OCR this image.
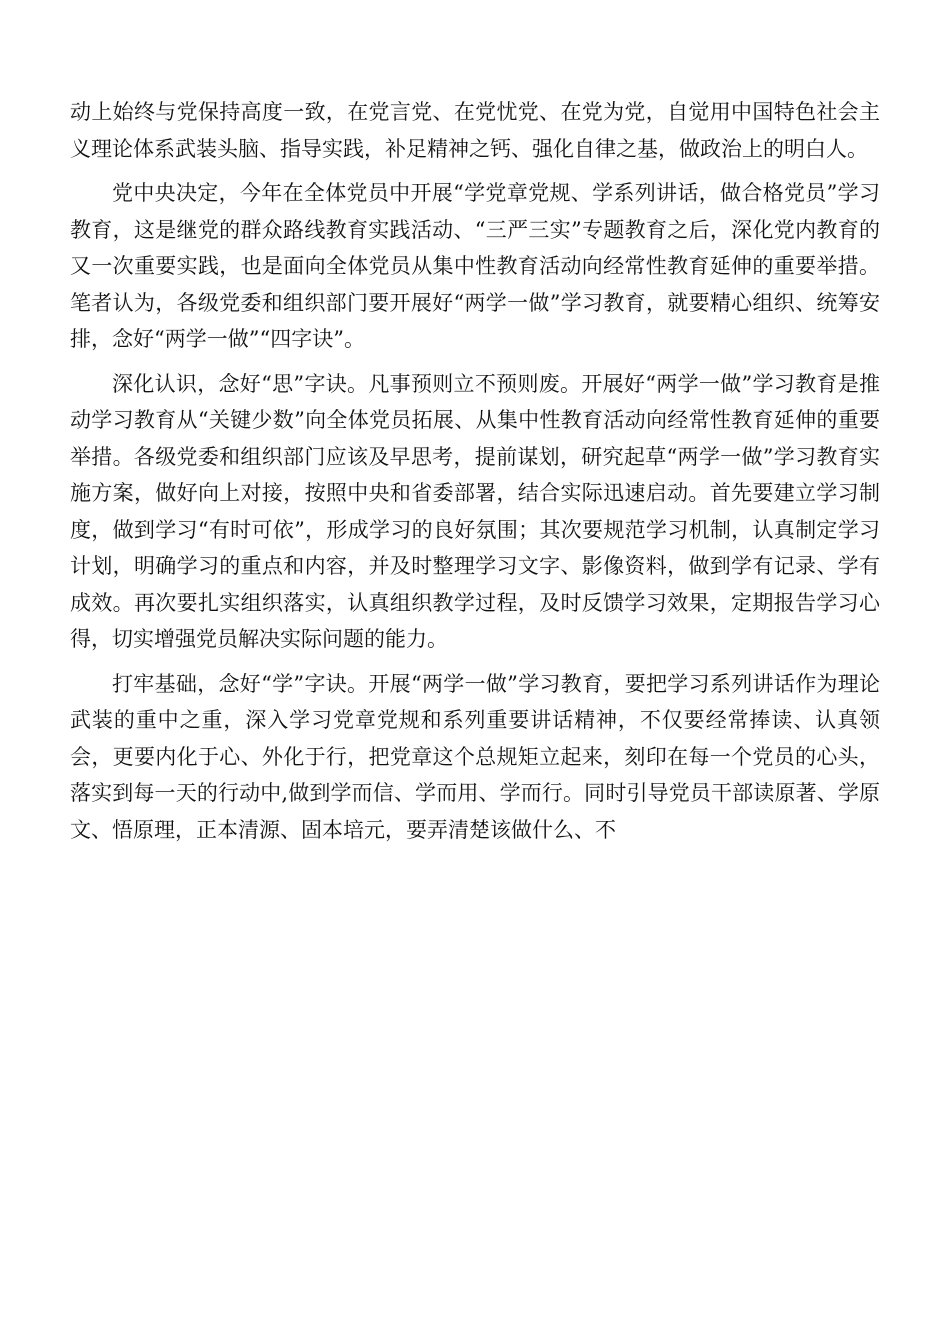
动上始终与党保持高度一致，在党言党、在党忧党、在党为党，自觉用中国特色社会主义理论体系武装头脑、指导实践，补足精神之钙、强化自律之基，做政治上的明白人。

党中央决定，今年在全体党员中开展“学党章党规、学系列讲话，做合格党员”学习教育，这是继党的群众路线教育实践活动、“三严三实”专题教育之后，深化党内教育的又一次重要实践，也是面向全体党员从集中性教育活动向经常性教育延伸的重要举措。笔者认为，各级党委和组织部门要开展好“两学一做”学习教育，就要精心组织、统筹安排，念好“两学一做”“四字诀”。

深化认识，念好“思”字诀。凡事预则立不预则废。开展好“两学一做”学习教育是推动学习教育从“关键少数”向全体党员拓展、从集中性教育活动向经常性教育延伸的重要举措。各级党委和组织部门应该及早思考，提前谋划，研究起草“两学一做”学习教育实施方案，做好向上对接，按照中央和省委部署，结合实际迅速启动。首先要建立学习制度，做到学习“有时可依”，形成学习的良好氛围；其次要规范学习机制，认真制定学习计划，明确学习的重点和内容，并及时整理学习文字、影像资料，做到学有记录、学有成效。再次要扎实组织落实，认真组织教学过程，及时反馈学习效果，定期报告学习心得，切实增强党员解决实际问题的能力。

打牢基础，念好“学”字诀。开展“两学一做”学习教育，要把学习系列讲话作为理论武装的重中之重，深入学习党章党规和系列重要讲话精神，不仅要经常捧读、认真领会，更要内化于心、外化于行，把党章这个总规矩立起来，刻印在每一个党员的心头，落实到每一天的行动中,做到学而信、学而用、学而行。同时引导党员干部读原著、学原文、悟原理，正本清源、固本培元，要弄清楚该做什么、不
